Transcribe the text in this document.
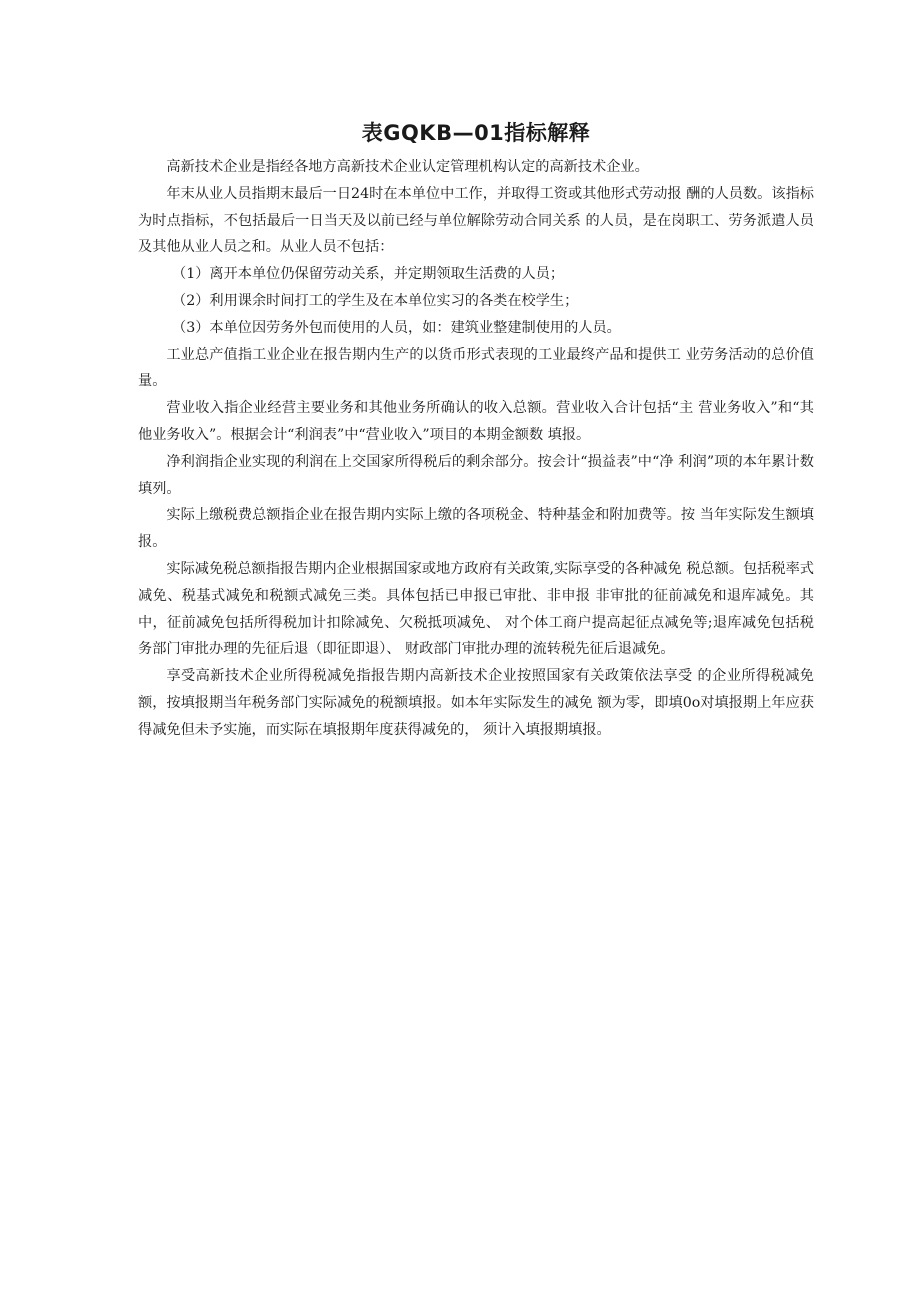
表GQKB—01指标解释

高新技术企业是指经各地方高新技术企业认定管理机构认定的高新技术企业。

年末从业人员指期末最后一日24时在本单位中工作，并取得工资或其他形式劳动报 酬的人员数。该指标为时点指标，不包括最后一日当天及以前已经与单位解除劳动合同关系 的人员，是在岗职工、劳务派遣人员及其他从业人员之和。从业人员不包括：

（1）离开本单位仍保留劳动关系，并定期领取生活费的人员；

（2）利用课余时间打工的学生及在本单位实习的各类在校学生；

（3）本单位因劳务外包而使用的人员，如：建筑业整建制使用的人员。

工业总产值指工业企业在报告期内生产的以货币形式表现的工业最终产品和提供工 业劳务活动的总价值量。

营业收入指企业经营主要业务和其他业务所确认的收入总额。营业收入合计包括“主 营业务收入”和“其他业务收入”。根据会计“利润表”中“营业收入”项目的本期金额数 填报。

净利润指企业实现的利润在上交国家所得税后的剩余部分。按会计“损益表”中“净 利润”项的本年累计数填列。

实际上缴税费总额指企业在报告期内实际上缴的各项税金、特种基金和附加费等。按 当年实际发生额填报。

实际减免税总额指报告期内企业根据国家或地方政府有关政策,实际享受的各种减免 税总额。包括税率式减免、税基式减免和税额式减免三类。具体包括已申报已审批、非申报 非审批的征前减免和退库减免。其中，征前减免包括所得税加计扣除减免、欠税抵项减免、 对个体工商户提高起征点减免等;退库减免包括税务部门审批办理的先征后退（即征即退）、 财政部门审批办理的流转税先征后退减免。

享受高新技术企业所得税减免指报告期内高新技术企业按照国家有关政策依法享受 的企业所得税减免额，按填报期当年税务部门实际减免的税额填报。如本年实际发生的减免 额为零，即填0o对填报期上年应获得减免但未予实施，而实际在填报期年度获得减免的， 须计入填报期填报。
